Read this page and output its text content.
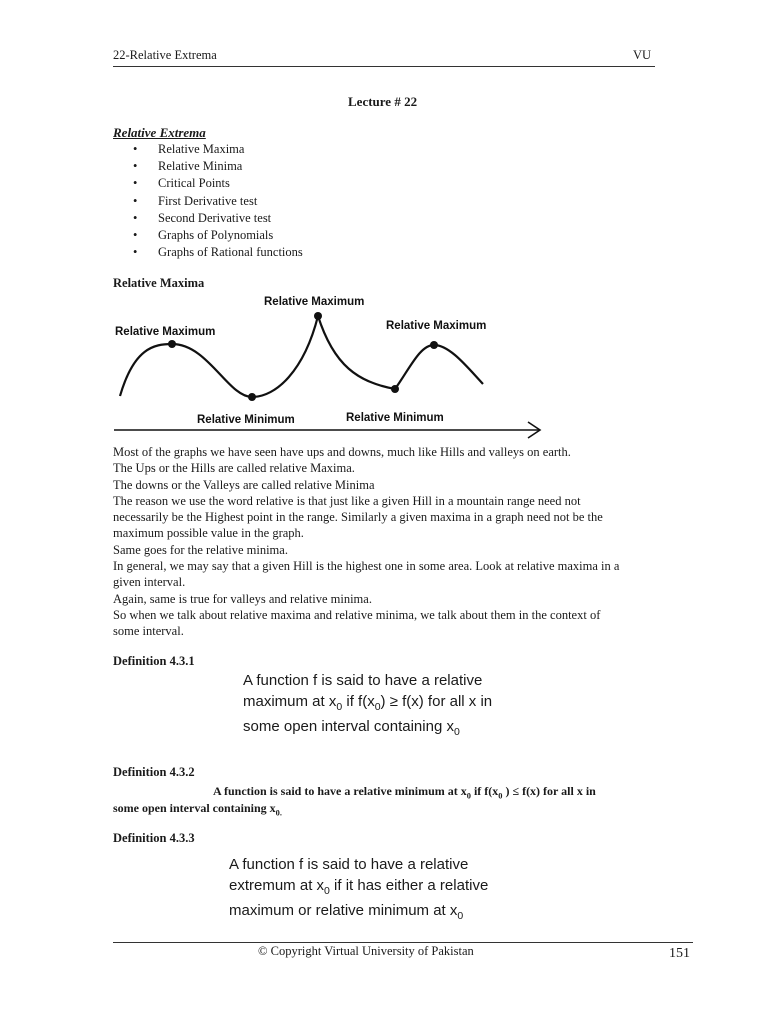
22-Relative Extrema	VU
Lecture # 22
Relative Extrema
• Relative Maxima
• Relative Minima
• Critical Points
• First Derivative test
• Second Derivative test
• Graphs of Polynomials
• Graphs of Rational functions
Relative Maxima
Relative Maximum
Relative Maximum
Relative Maximum
Relative Minimum	Relative Minimum

Most of the graphs we have seen have ups and downs, much like Hills and valleys on earth.

The Ups or the Hills are called relative Maxima.

The downs or the Valleys are called relative Minima

The reason we use the word relative is that just like a given Hill in a mountain range need not

necessarily be the Highest point in the range. Similarly a given maxima in a graph need not be the

maximum possible value in the graph.

Same goes for the relative minima.

In general, we may say that a given Hill is the highest one in some area. Look at relative maxima in a

given interval.

Again, same is true for valleys and relative minima.

So when we talk about relative maxima and relative minima, we talk about them in the context of

some interval.

Definition 4.3.1
A function f is said to have a relative
maximum at $x_0$ if $f(x_0) \ge f(x)$ for all x in
some open interval containing $x_0$
Definition 4.3.2
A function is said to have a relative minimum at $x_0$ if $f(x_0$ ) ≤ f(x) for all x in
some open interval containing $x_{0.}$
Definition 4.3.3
A function f is said to have a relative
extremum at $x_0$ if it has either a relative
maximum or relative minimum at $x_0$
© Copyright Virtual University of Pakistan	151
